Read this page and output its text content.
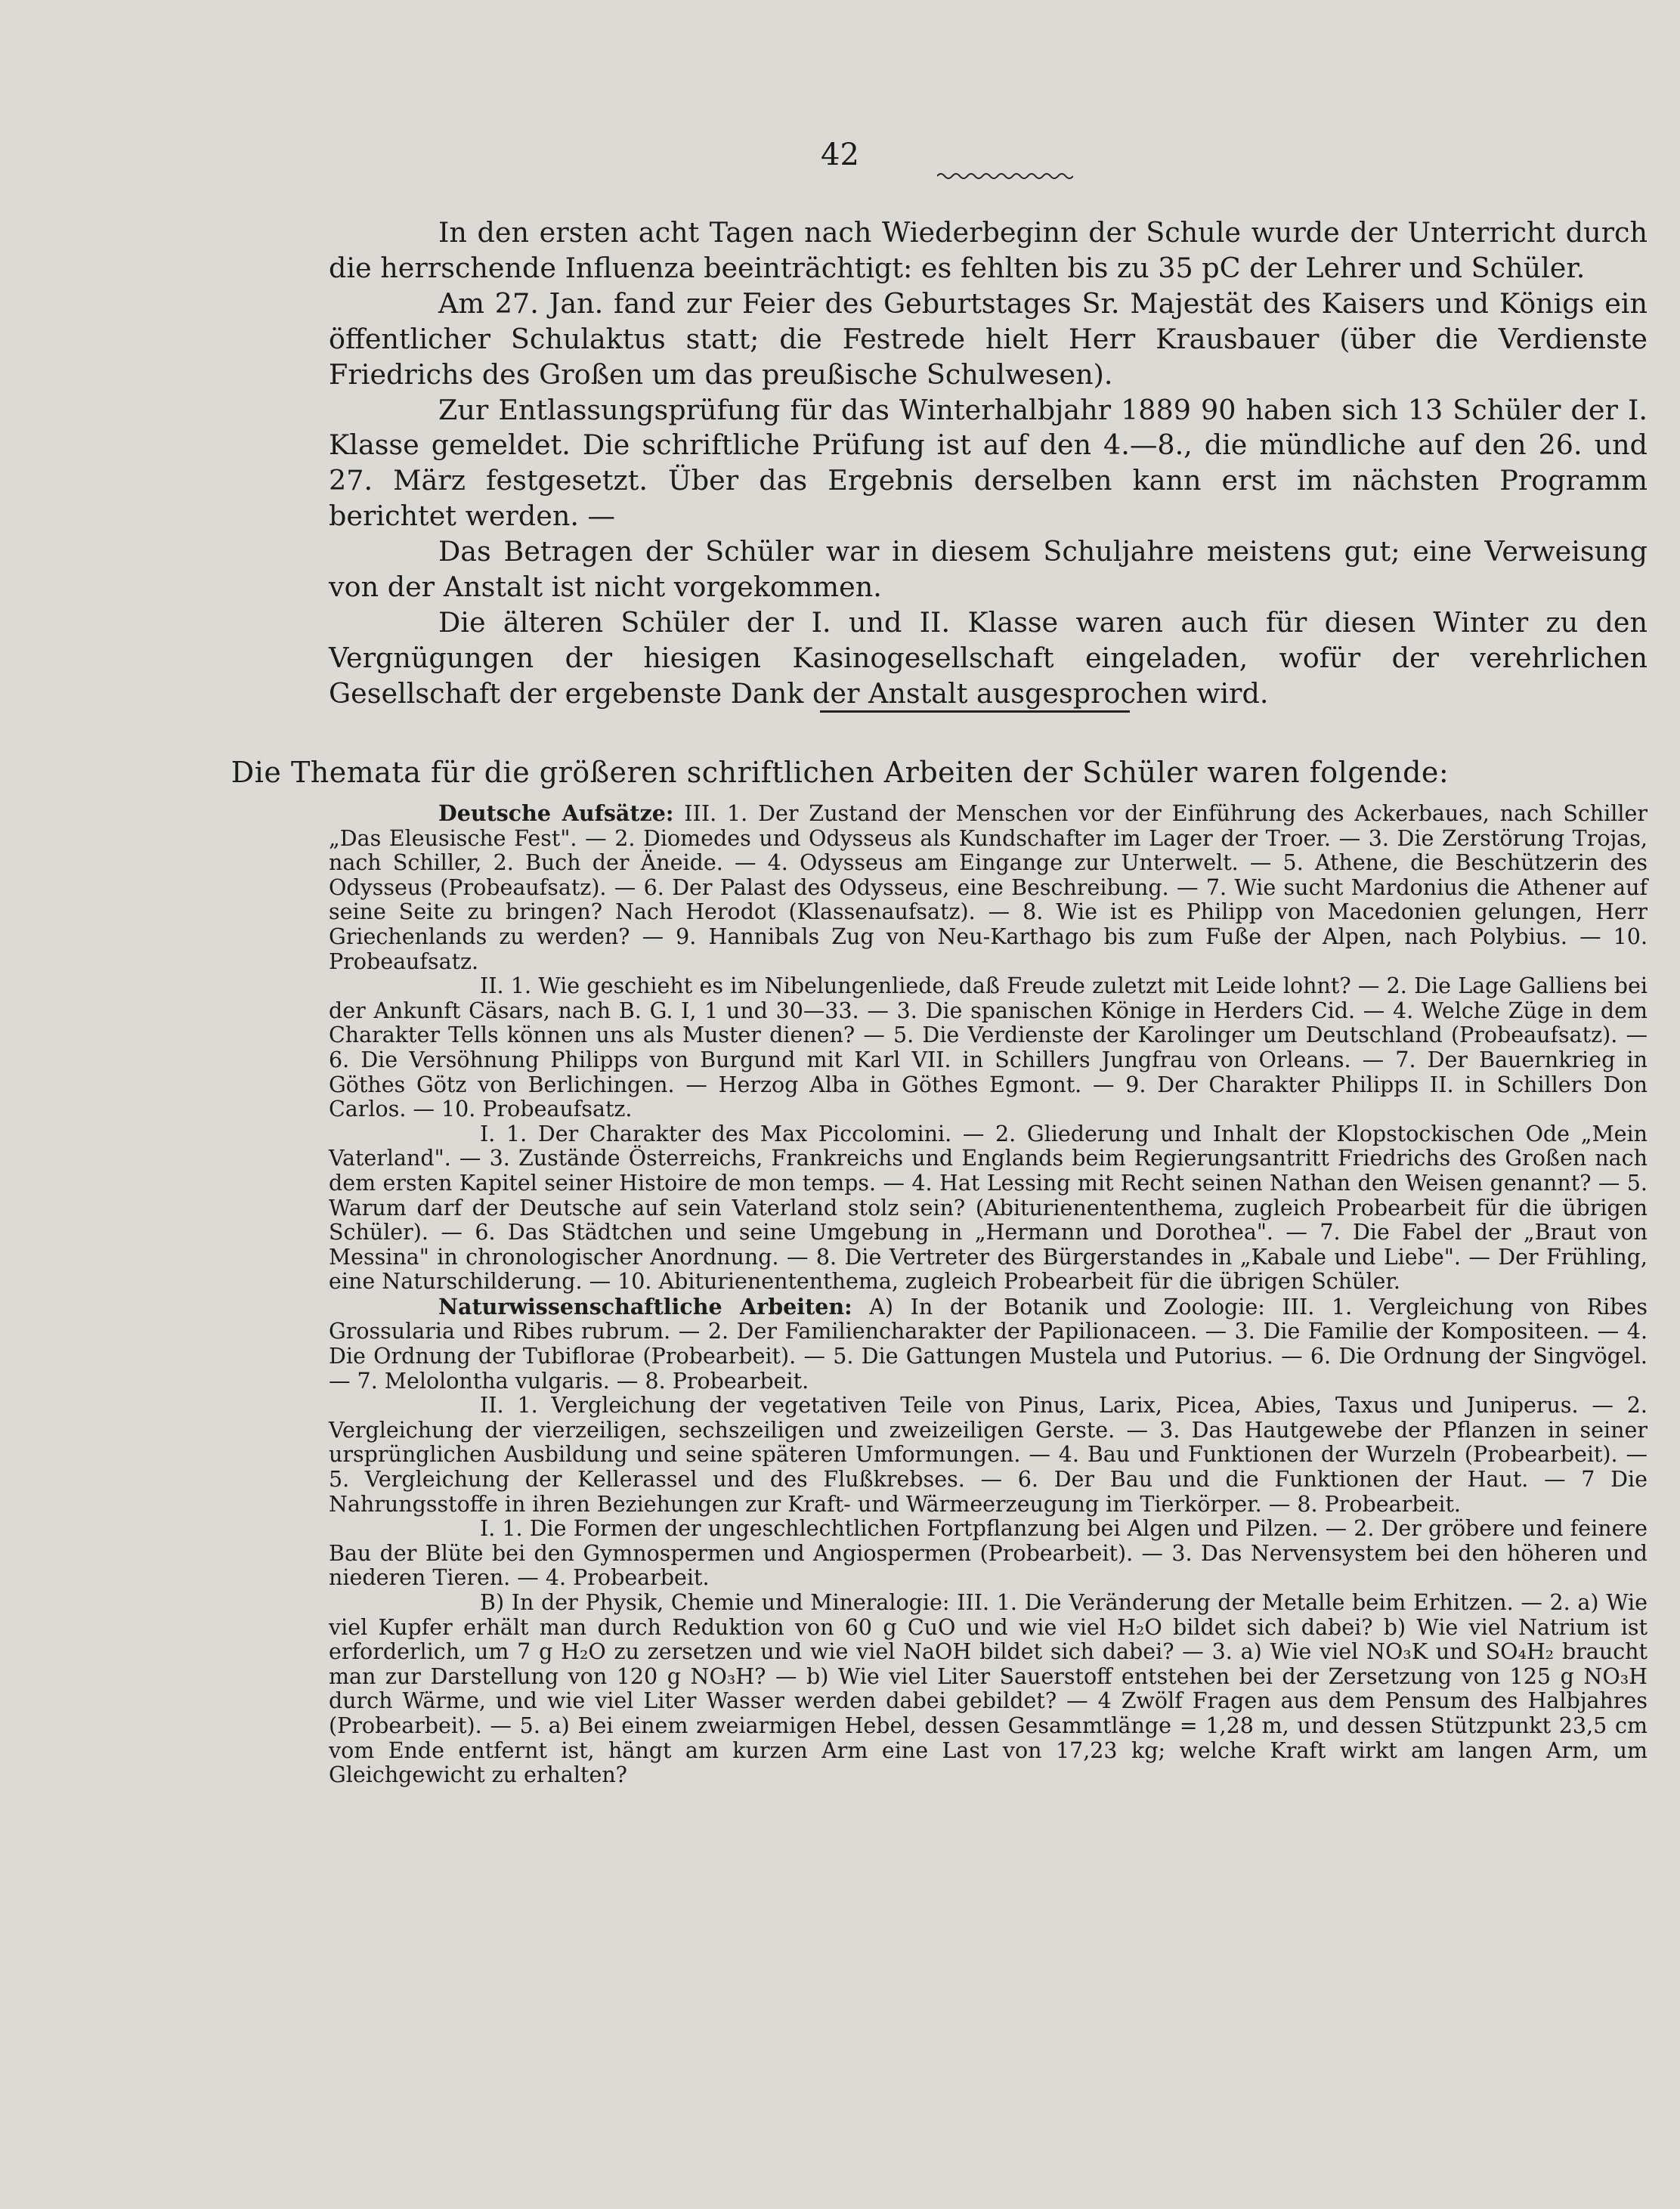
42

In den ersten acht Tagen nach Wiederbeginn der Schule wurde der Unterricht durch die herrschende Influenza beeinträchtigt: es fehlten bis zu 35 pC der Lehrer und Schüler.

Am 27. Jan. fand zur Feier des Geburtstages Sr. Majestät des Kaisers und Königs ein öffentlicher Schulaktus statt; die Festrede hielt Herr Krausbauer (über die Verdienste Friedrichs des Großen um das preußische Schulwesen).

Zur Entlassungsprüfung für das Winterhalbjahr 1889 90 haben sich 13 Schüler der I. Klasse gemeldet. Die schriftliche Prüfung ist auf den 4.—8., die mündliche auf den 26. und 27. März festgesetzt. Über das Ergebnis derselben kann erst im nächsten Programm berichtet werden. —

Das Betragen der Schüler war in diesem Schuljahre meistens gut; eine Verweisung von der Anstalt ist nicht vorgekommen.

Die älteren Schüler der I. und II. Klasse waren auch für diesen Winter zu den Vergnügungen der hiesigen Kasinogesellschaft eingeladen, wofür der verehrlichen Gesellschaft der ergebenste Dank der Anstalt ausgesprochen wird.

Die Themata für die größeren schriftlichen Arbeiten der Schüler waren folgende:

Deutsche Aufsätze: III. 1. Der Zustand der Menschen vor der Einführung des Ackerbaues, nach Schiller „Das Eleusische Fest". — 2. Diomedes und Odysseus als Kundschafter im Lager der Troer. — 3. Die Zerstörung Trojas, nach Schiller, 2. Buch der Äneide. — 4. Odysseus am Eingange zur Unterwelt. — 5. Athene, die Beschützerin des Odysseus (Probeaufsatz). — 6. Der Palast des Odysseus, eine Beschreibung. — 7. Wie sucht Mardonius die Athener auf seine Seite zu bringen? Nach Herodot (Klassenaufsatz). — 8. Wie ist es Philipp von Macedonien gelungen, Herr Griechenlands zu werden? — 9. Hannibals Zug von Neu-Karthago bis zum Fuße der Alpen, nach Polybius. — 10. Probeaufsatz.

II. 1. Wie geschieht es im Nibelungenliede, daß Freude zuletzt mit Leide lohnt? — 2. Die Lage Galliens bei der Ankunft Cäsars, nach B. G. I, 1 und 30—33. — 3. Die spanischen Könige in Herders Cid. — 4. Welche Züge in dem Charakter Tells können uns als Muster dienen? — 5. Die Verdienste der Karolinger um Deutschland (Probeaufsatz). — 6. Die Versöhnung Philipps von Burgund mit Karl VII. in Schillers Jungfrau von Orleans. — 7. Der Bauernkrieg in Göthes Götz von Berlichingen. — Herzog Alba in Göthes Egmont. — 9. Der Charakter Philipps II. in Schillers Don Carlos. — 10. Probeaufsatz.

I. 1. Der Charakter des Max Piccolomini. — 2. Gliederung und Inhalt der Klopstockischen Ode „Mein Vaterland". — 3. Zustände Österreichs, Frankreichs und Englands beim Regierungsantritt Friedrichs des Großen nach dem ersten Kapitel seiner Histoire de mon temps. — 4. Hat Lessing mit Recht seinen Nathan den Weisen genannt? — 5. Warum darf der Deutsche auf sein Vaterland stolz sein? (Abiturienententhema, zugleich Probearbeit für die übrigen Schüler). — 6. Das Städtchen und seine Umgebung in „Hermann und Dorothea". — 7. Die Fabel der „Braut von Messina" in chronologischer Anordnung. — 8. Die Vertreter des Bürgerstandes in „Kabale und Liebe". — Der Frühling, eine Naturschilderung. — 10. Abiturienententhema, zugleich Probearbeit für die übrigen Schüler.

Naturwissenschaftliche Arbeiten: A) In der Botanik und Zoologie: III. 1. Vergleichung von Ribes Grossularia und Ribes rubrum. — 2. Der Familiencharakter der Papilionaceen. — 3. Die Familie der Kompositeen. — 4. Die Ordnung der Tubiflorae (Probearbeit). — 5. Die Gattungen Mustela und Putorius. — 6. Die Ordnung der Singvögel. — 7. Melolontha vulgaris. — 8. Probearbeit.

II. 1. Vergleichung der vegetativen Teile von Pinus, Larix, Picea, Abies, Taxus und Juniperus. — 2. Vergleichung der vierzeiligen, sechszeiligen und zweizeiligen Gerste. — 3. Das Hautgewebe der Pflanzen in seiner ursprünglichen Ausbildung und seine späteren Umformungen. — 4. Bau und Funktionen der Wurzeln (Probearbeit). — 5. Vergleichung der Kellerassel und des Flußkrebses. — 6. Der Bau und die Funktionen der Haut. — 7 Die Nahrungsstoffe in ihren Beziehungen zur Kraft- und Wärmeerzeugung im Tierkörper. — 8. Probearbeit.

I. 1. Die Formen der ungeschlechtlichen Fortpflanzung bei Algen und Pilzen. — 2. Der gröbere und feinere Bau der Blüte bei den Gymnospermen und Angiospermen (Probearbeit). — 3. Das Nervensystem bei den höheren und niederen Tieren. — 4. Probearbeit.

B) In der Physik, Chemie und Mineralogie: III. 1. Die Veränderung der Metalle beim Erhitzen. — 2. a) Wie viel Kupfer erhält man durch Reduktion von 60 g CuO und wie viel H₂O bildet sich dabei? b) Wie viel Natrium ist erforderlich, um 7 g H₂O zu zersetzen und wie viel NaOH bildet sich dabei? — 3. a) Wie viel NO₃K und SO₄H₂ braucht man zur Darstellung von 120 g NO₃H? — b) Wie viel Liter Sauerstoff entstehen bei der Zersetzung von 125 g NO₃H durch Wärme, und wie viel Liter Wasser werden dabei gebildet? — 4 Zwölf Fragen aus dem Pensum des Halbjahres (Probearbeit). — 5. a) Bei einem zweiarmigen Hebel, dessen Gesammtlänge = 1,28 m, und dessen Stützpunkt 23,5 cm vom Ende entfernt ist, hängt am kurzen Arm eine Last von 17,23 kg; welche Kraft wirkt am langen Arm, um Gleichgewicht zu erhalten?
